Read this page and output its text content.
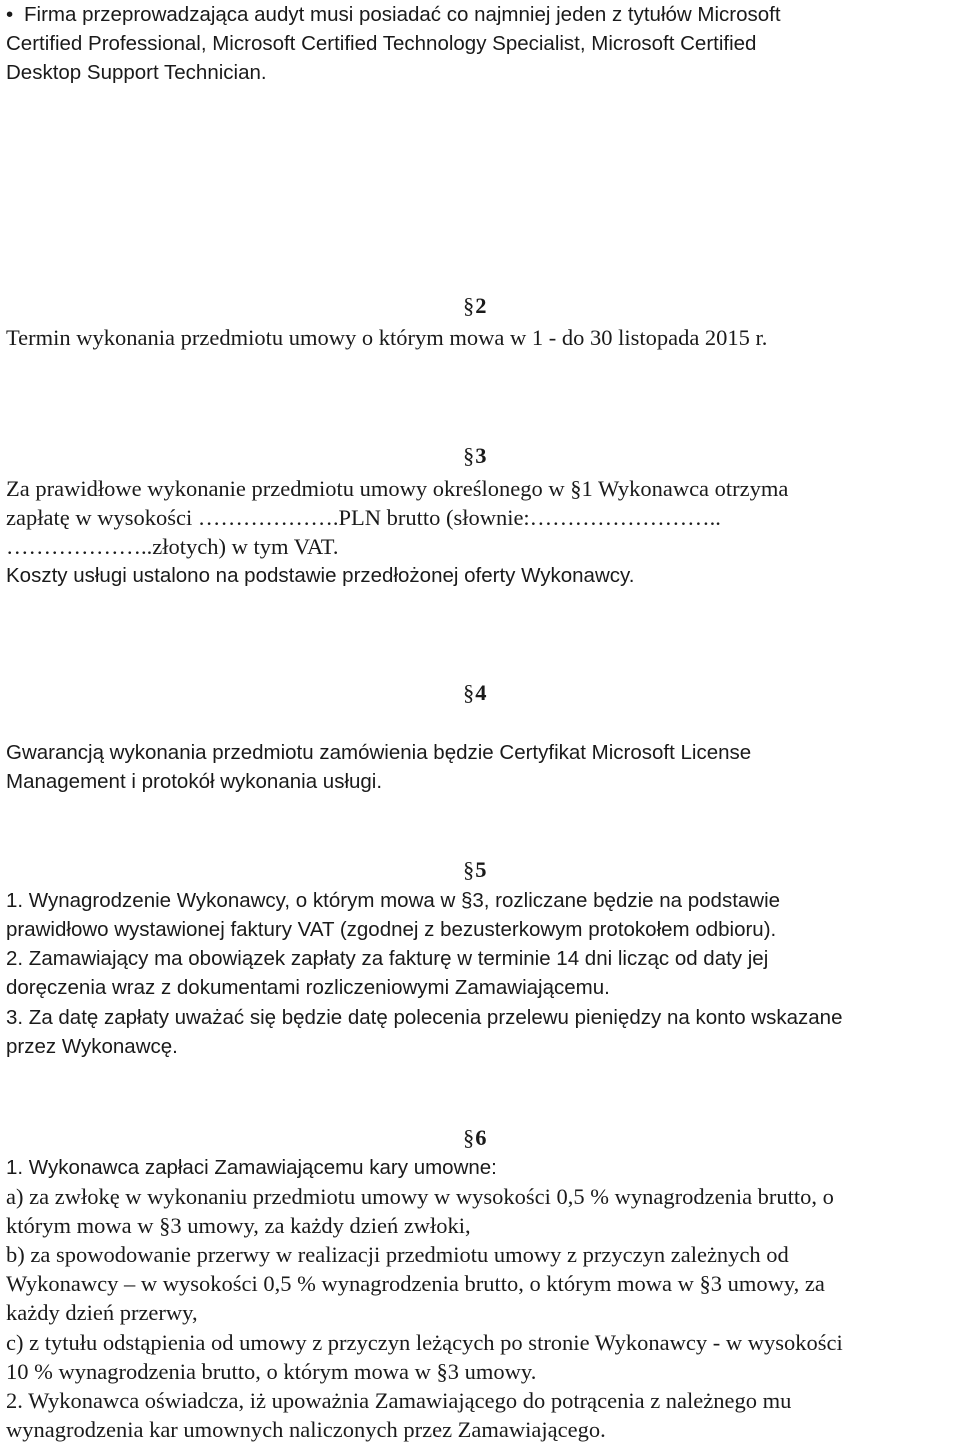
• Firma przeprowadzająca audyt musi posiadać co najmniej jeden z tytułów Microsoft
Certified Professional, Microsoft Certified Technology Specialist, Microsoft Certified
Desktop Support Technician.
§2
Termin wykonania przedmiotu umowy o którym mowa w 1 - do 30 listopada 2015 r.
§3
Za prawidłowe wykonanie przedmiotu umowy określonego w §1 Wykonawca otrzyma
zapłatę w wysokości ……………….PLN brutto (słownie:……………………..
………………..złotych) w tym VAT.
Koszty usługi ustalono na podstawie przedłożonej oferty Wykonawcy.
§4
Gwarancją wykonania przedmiotu zamówienia będzie Certyfikat Microsoft License
Management i protokół wykonania usługi.
§5
1. Wynagrodzenie Wykonawcy, o którym mowa w §3, rozliczane będzie na podstawie
prawidłowo wystawionej faktury VAT (zgodnej z bezusterkowym protokołem odbioru).
2. Zamawiający ma obowiązek zapłaty za fakturę w terminie 14 dni licząc od daty jej
doręczenia wraz z dokumentami rozliczeniowymi Zamawiającemu.
3. Za datę zapłaty uważać się będzie datę polecenia przelewu pieniędzy na konto wskazane
przez Wykonawcę.
§6
1. Wykonawca zapłaci Zamawiającemu kary umowne:
a) za zwłokę w wykonaniu przedmiotu umowy w wysokości 0,5 % wynagrodzenia brutto, o
którym mowa w §3 umowy, za każdy dzień zwłoki,
b) za spowodowanie przerwy w realizacji przedmiotu umowy z przyczyn zależnych od
Wykonawcy – w wysokości 0,5 % wynagrodzenia brutto, o którym mowa w §3 umowy, za
każdy dzień przerwy,
c) z tytułu odstąpienia od umowy z przyczyn leżących po stronie Wykonawcy - w wysokości
10 % wynagrodzenia brutto, o którym mowa w §3 umowy.
2. Wykonawca oświadcza, iż upoważnia Zamawiającego do potrącenia z należnego mu
wynagrodzenia kar umownych naliczonych przez Zamawiającego.
